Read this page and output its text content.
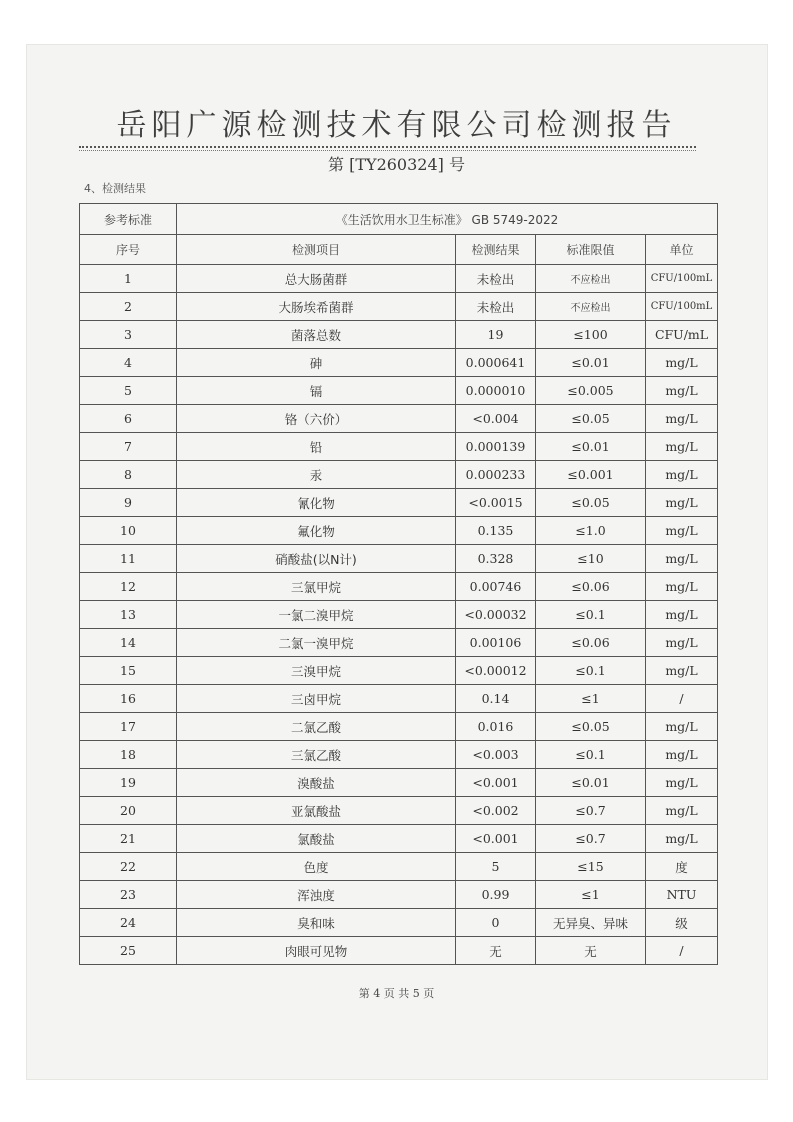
岳阳广源检测技术有限公司检测报告
第 [TY260324] 号
4、检测结果
参考标准	《生活饮用水卫生标准》 GB 5749-2022			
序号	检测项目	检测结果	标准限值	单位
1	总大肠菌群	未检出	不应检出	CFU/100mL
2	大肠埃希菌群	未检出	不应检出	CFU/100mL
3	菌落总数	19	≤100	CFU/mL
4	砷	0.000641	≤0.01	mg/L
5	镉	0.000010	≤0.005	mg/L
6	铬（六价）	<0.004	≤0.05	mg/L
7	铅	0.000139	≤0.01	mg/L
8	汞	0.000233	≤0.001	mg/L
9	氰化物	<0.0015	≤0.05	mg/L
10	氟化物	0.135	≤1.0	mg/L
11	硝酸盐(以N计)	0.328	≤10	mg/L
12	三氯甲烷	0.00746	≤0.06	mg/L
13	一氯二溴甲烷	<0.00032	≤0.1	mg/L
14	二氯一溴甲烷	0.00106	≤0.06	mg/L
15	三溴甲烷	<0.00012	≤0.1	mg/L
16	三卤甲烷	0.14	≤1	/
17	二氯乙酸	0.016	≤0.05	mg/L
18	三氯乙酸	<0.003	≤0.1	mg/L
19	溴酸盐	<0.001	≤0.01	mg/L
20	亚氯酸盐	<0.002	≤0.7	mg/L
21	氯酸盐	<0.001	≤0.7	mg/L
22	色度	5	≤15	度
23	浑浊度	0.99	≤1	NTU
24	臭和味	0	无异臭、异味	级
25	肉眼可见物	无	无	/
第 4 页 共 5 页
